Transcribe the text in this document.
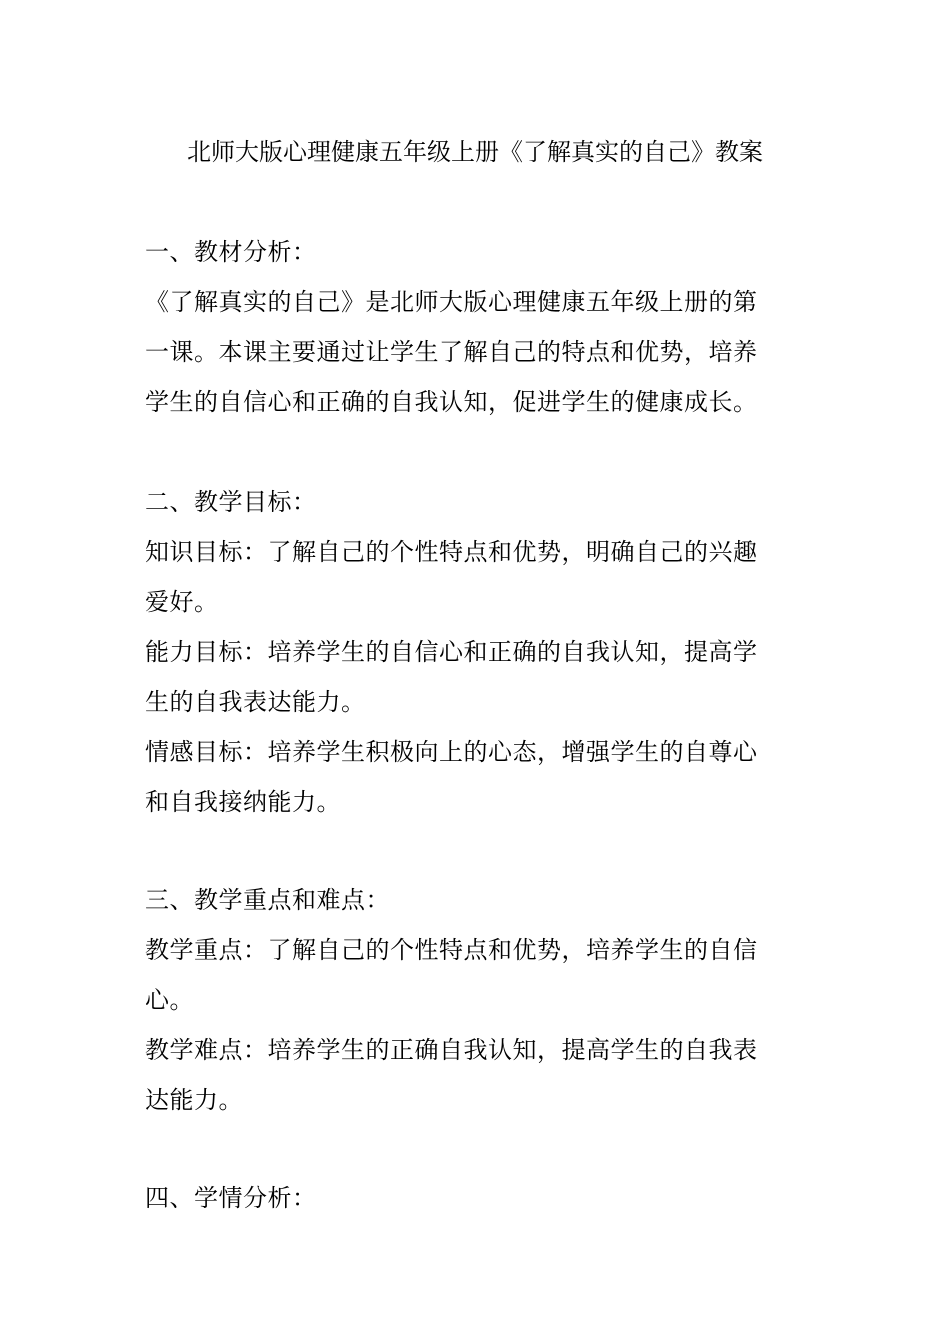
北师大版心理健康五年级上册《了解真实的自己》教案
一、教材分析：
《了解真实的自己》是北师大版心理健康五年级上册的第
一课。本课主要通过让学生了解自己的特点和优势，培养
学生的自信心和正确的自我认知，促进学生的健康成长。
二、教学目标：
知识目标：了解自己的个性特点和优势，明确自己的兴趣
爱好。
能力目标：培养学生的自信心和正确的自我认知，提高学
生的自我表达能力。
情感目标：培养学生积极向上的心态，增强学生的自尊心
和自我接纳能力。
三、教学重点和难点：
教学重点：了解自己的个性特点和优势，培养学生的自信
心。
教学难点：培养学生的正确自我认知，提高学生的自我表
达能力。
四、学情分析：
